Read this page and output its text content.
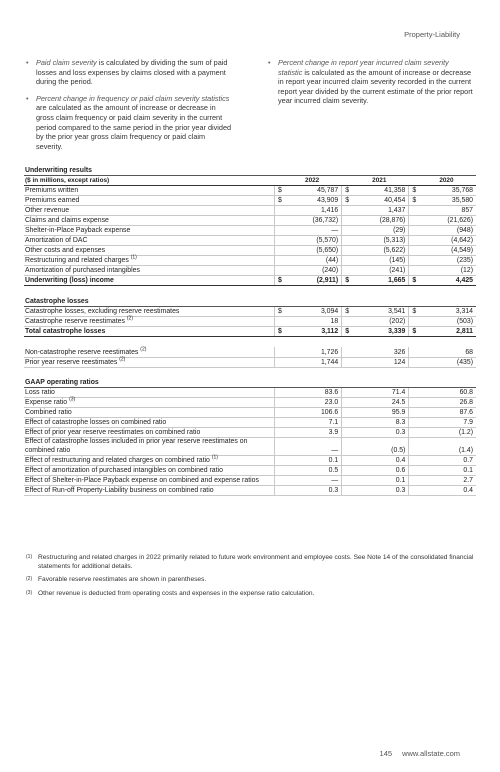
Property-Liability
• Paid claim severity is calculated by dividing the sum of paid losses and loss expenses by claims closed with a payment during the period.
• Percent change in frequency or paid claim severity statistics are calculated as the amount of increase or decrease in gross claim frequency or paid claim severity in the current period compared to the same period in the prior year divided by the prior year gross claim frequency or paid claim severity.
• Percent change in report year incurred claim severity statistic is calculated as the amount of increase or decrease in report year incurred claim severity recorded in the current report year divided by the current estimate of the prior report year incurred claim severity.
Underwriting results						
($ in millions, except ratios)		2022		2021		2020
Premiums written	$	45,787	$	41,358	$	35,768
Premiums earned	$	43,909	$	40,454	$	35,580
Other revenue		1,416		1,437		857
Claims and claims expense		(36,732)		(28,876)		(21,626)
Shelter-in-Place Payback expense		—		(29)		(948)
Amortization of DAC		(5,570)		(5,313)		(4,642)
Other costs and expenses		(5,650)		(5,622)		(4,549)
Restructuring and related charges $^{(1)}$		(44)		(145)		(235)
Amortization of purchased intangibles		(240)		(241)		(12)
Underwriting (loss) income	$	(2,911)	$	1,665	$	4,425

Catastrophe losses						
Catastrophe losses, excluding reserve reestimates	$	3,094	$	3,541	$	3,314
Catastrophe reserve reestimates $^{(2)}$		18		(202)		(503)
Total catastrophe losses	$	3,112	$	3,339	$	2,811

Non-catastrophe reserve reestimates $^{(2)}$		1,726		326		68
Prior year reserve reestimates $^{(2)}$		1,744		124		(435)

GAAP operating ratios						
Loss ratio		83.6		71.4		60.8
Expense ratio $^{(3)}$		23.0		24.5		26.8
Combined ratio		106.6		95.9		87.6
Effect of catastrophe losses on combined ratio		7.1		8.3		7.9
Effect of prior year reserve reestimates on combined ratio		3.9		0.3		(1.2)
Effect of catastrophe losses included in prior year reserve reestimates on combined ratio		—		(0.5)		(1.4)
Effect of restructuring and related charges on combined ratio $^{(1)}$		0.1		0.4		0.7
Effect of amortization of purchased intangibles on combined ratio		0.5		0.6		0.1
Effect of Shelter-in-Place Payback expense on combined and expense ratios		—		0.1		2.7
Effect of Run-off Property-Liability business on combined ratio		0.3		0.3		0.4
(1) Restructuring and related charges in 2022 primarily related to future work environment and employee costs. See Note 14 of the consolidated financial statements for additional details.
(2) Favorable reserve reestimates are shown in parentheses.
(3) Other revenue is deducted from operating costs and expenses in the expense ratio calculation.
145 www.allstate.com
